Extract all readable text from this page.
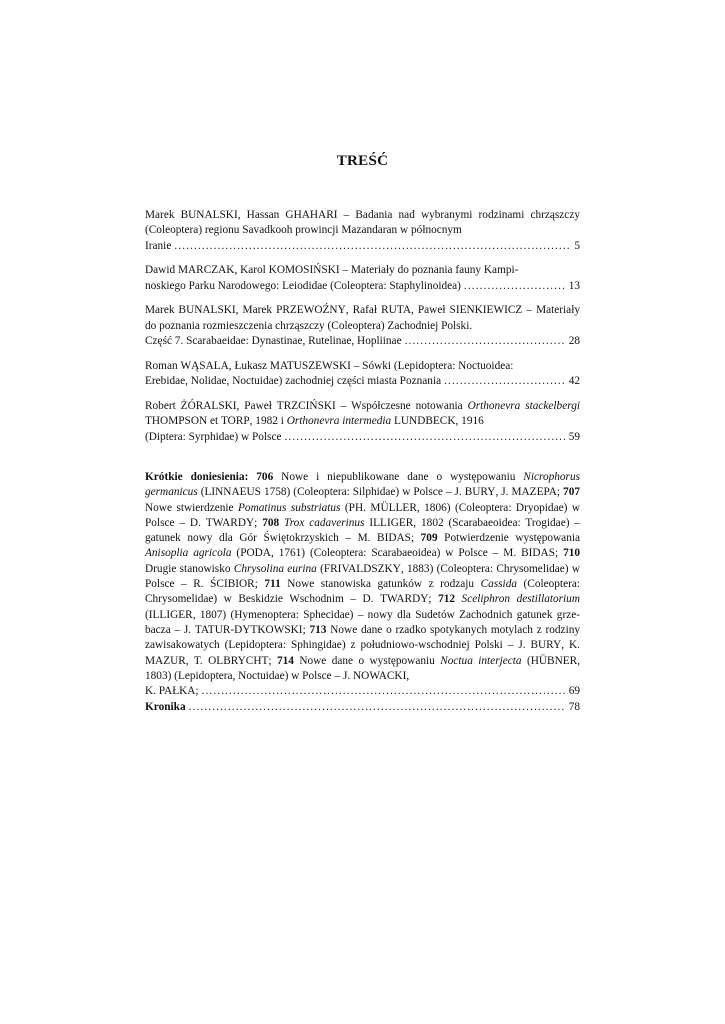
TREŚĆ
Marek BUNALSKI, Hassan GHAHARI – Badania nad wybranymi rodzinami chrząszczy (Coleoptera) regionu Savadkooh prowincji Mazandaran w północnym
Iranie .....	5
Dawid MARCZAK, Karol KOMOSIŃSKI – Materiały do poznania fauny Kampi-
noskiego Parku Narodowego: Leiodidae (Coleoptera: Staphylinoidea) .....	13
Marek BUNALSKI, Marek PRZEWOŹNY, Rafał RUTA, Paweł SIENKIEWICZ – Materiały do poznania rozmieszczenia chrząszczy (Coleoptera) Zachodniej Polski.
Część 7. Scarabaeidae: Dynastinae, Rutelinae, Hopliinae .....	28
Roman WĄSALA, Łukasz MATUSZEWSKI – Sówki (Lepidoptera: Noctuoidea:
Erebidae, Nolidae, Noctuidae) zachodniej części miasta Poznania .....	42
Robert ŻÓRALSKI, Paweł TRZCIŃSKI – Współczesne notowania Orthonevra stackelbergi THOMPSON et TORP, 1982 i Orthonevra intermedia LUNDBECK, 1916
(Diptera: Syrphidae) w Polsce .....	59
Krótkie doniesienia: 706 Nowe i niepublikowane dane o występowaniu Nicrophorus germanicus (LINNAEUS 1758) (Coleoptera: Silphidae) w Polsce – J. BURY, J. MAZEPA; 707 Nowe stwierdzenie Pomatinus substriatus (PH. MÜLLER, 1806) (Coleoptera: Dryopidae) w Polsce – D. TWARDY; 708 Trox cadaverinus ILLIGER, 1802 (Scarabaeoidea: Trogidae) – gatunek nowy dla Gór Świętokrzyskich – M. BIDAS; 709 Potwierdzenie występowania Anisoplia agricola (PODA, 1761) (Coleoptera: Scarabaeoidea) w Polsce – M. BIDAS; 710 Drugie stanowisko Chrysolina eurina (FRIVALDSZKY, 1883) (Coleoptera: Chrysomelidae) w Polsce – R. ŚCIBIOR; 711 Nowe stanowiska gatunków z rodzaju Cassida (Coleoptera: Chrysomelidae) w Beskidzie Wschodnim – D. TWARDY; 712 Sceliphron destillatorium (ILLIGER, 1807) (Hymenoptera: Sphecidae) – nowy dla Sudetów Zachodnich gatunek grze-bacza – J. TATUR-DYTKOWSKI; 713 Nowe dane o rzadko spotykanych motylach z rodziny zawisakowatych (Lepidoptera: Sphingidae) z południowo-wschodniej Polski – J. BURY, K. MAZUR, T. OLBRYCHT; 714 Nowe dane o występowaniu Noctua interjecta (HÜBNER, 1803) (Lepidoptera, Noctuidae) w Polsce – J. NOWACKI,
K. PAŁKA; .....	69
Kronika .....	78
